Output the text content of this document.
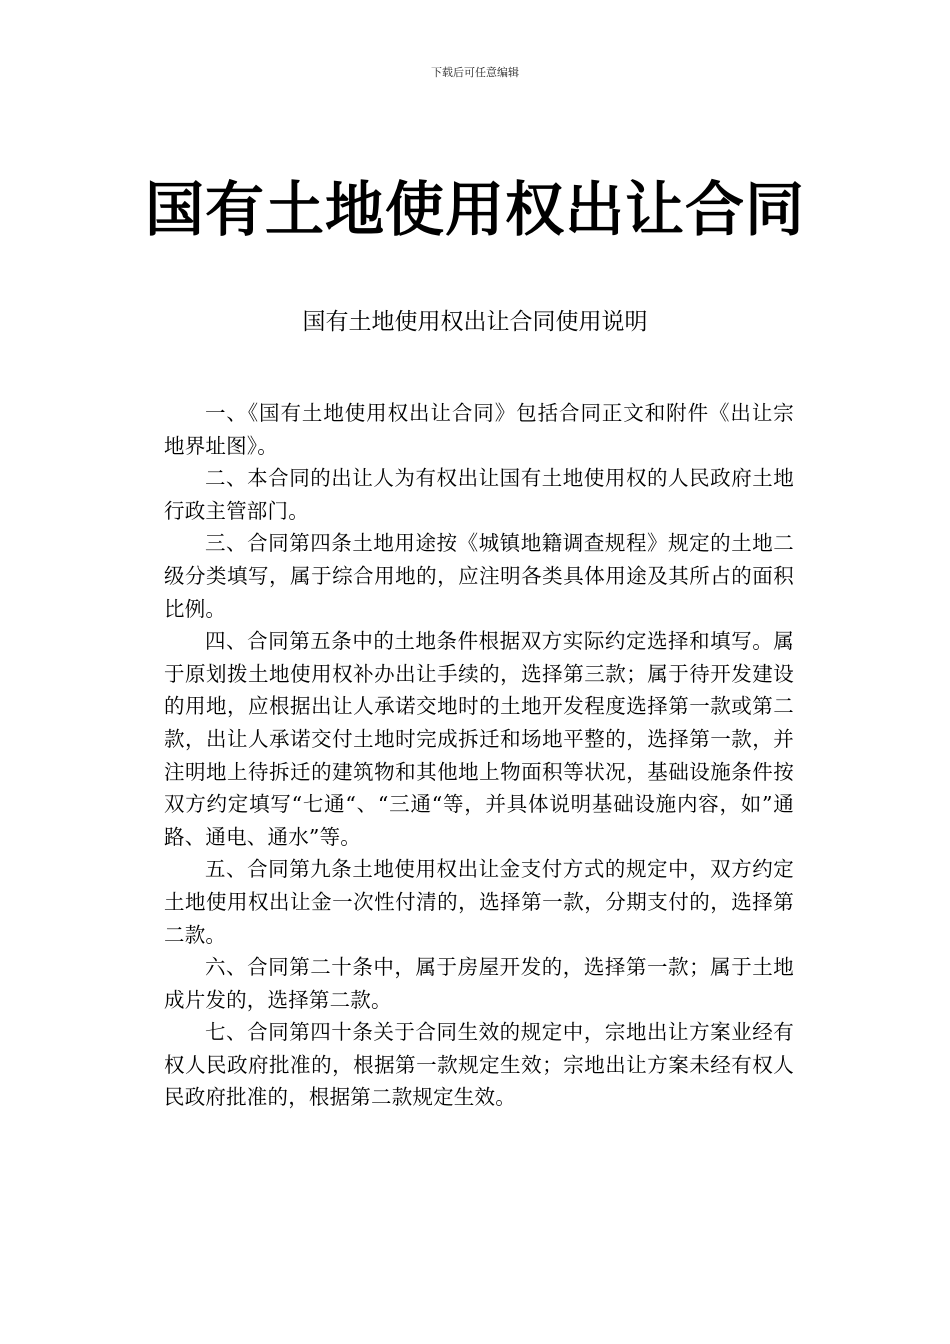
下载后可任意编辑
国有土地使用权出让合同
国有土地使用权出让合同使用说明

一、《国有土地使用权出让合同》包括合同正文和附件《出让宗地界址图》。

二、本合同的出让人为有权出让国有土地使用权的人民政府土地行政主管部门。

三、合同第四条土地用途按《城镇地籍调查规程》规定的土地二级分类填写，属于综合用地的，应注明各类具体用途及其所占的面积比例。

四、合同第五条中的土地条件根据双方实际约定选择和填写。属于原划拨土地使用权补办出让手续的，选择第三款；属于待开发建设的用地，应根据出让人承诺交地时的土地开发程度选择第一款或第二款，出让人承诺交付土地时完成拆迁和场地平整的，选择第一款，并注明地上待拆迁的建筑物和其他地上物面积等状况，基础设施条件按双方约定填写“七通“、“三通“等，并具体说明基础设施内容，如”通路、通电、通水”等。

五、合同第九条土地使用权出让金支付方式的规定中，双方约定土地使用权出让金一次性付清的，选择第一款，分期支付的，选择第二款。

六、合同第二十条中，属于房屋开发的，选择第一款；属于土地成片发的，选择第二款。

七、合同第四十条关于合同生效的规定中，宗地出让方案业经有权人民政府批准的，根据第一款规定生效；宗地出让方案未经有权人民政府批准的，根据第二款规定生效。
